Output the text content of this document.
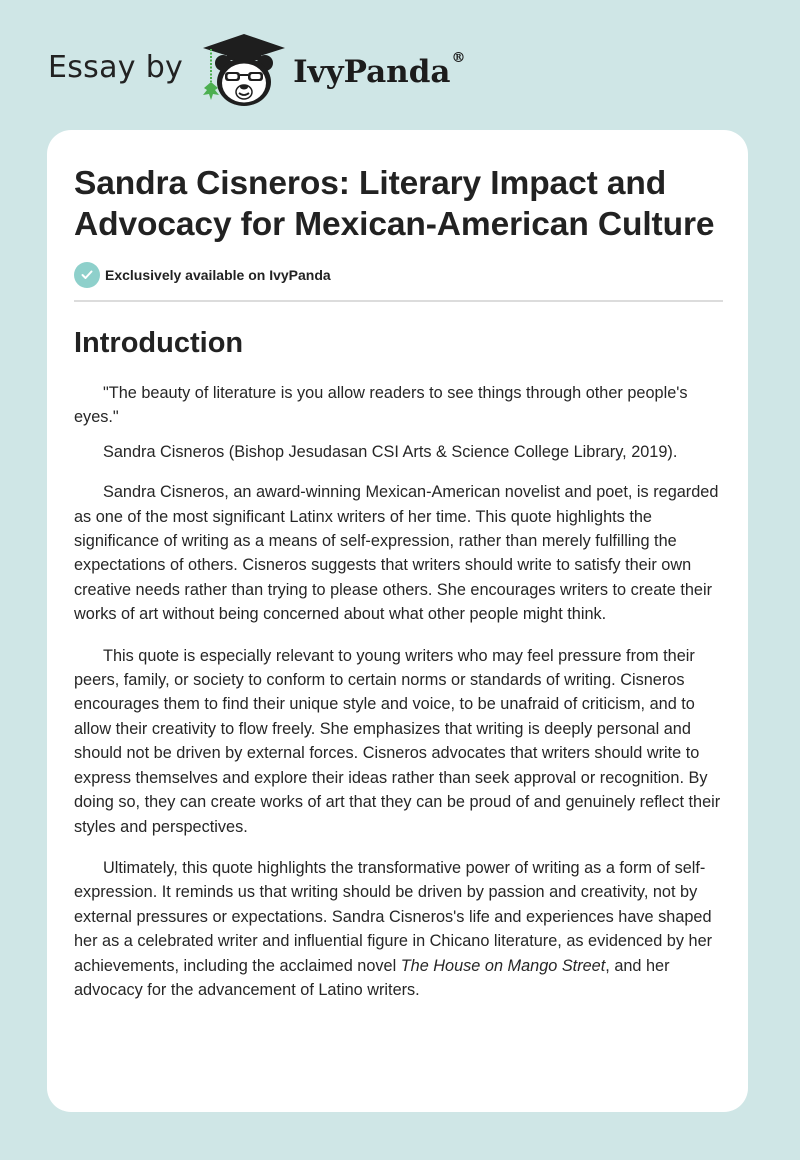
Essay by	IvyPanda®
Sandra Cisneros: Literary Impact and Advocacy for Mexican-American Culture
Exclusively available on IvyPanda
Introduction

"The beauty of literature is you allow readers to see things through other people's eyes."

Sandra Cisneros (Bishop Jesudasan CSI Arts & Science College Library, 2019).

Sandra Cisneros, an award-winning Mexican-American novelist and poet, is regarded as one of the most significant Latinx writers of her time. This quote highlights the significance of writing as a means of self-expression, rather than merely fulfilling the expectations of others. Cisneros suggests that writers should write to satisfy their own creative needs rather than trying to please others. She encourages writers to create their works of art without being concerned about what other people might think.

This quote is especially relevant to young writers who may feel pressure from their peers, family, or society to conform to certain norms or standards of writing. Cisneros encourages them to find their unique style and voice, to be unafraid of criticism, and to allow their creativity to flow freely. She emphasizes that writing is deeply personal and should not be driven by external forces. Cisneros advocates that writers should write to express themselves and explore their ideas rather than seek approval or recognition. By doing so, they can create works of art that they can be proud of and genuinely reflect their styles and perspectives.

Ultimately, this quote highlights the transformative power of writing as a form of self-expression. It reminds us that writing should be driven by passion and creativity, not by external pressures or expectations. Sandra Cisneros's life and experiences have shaped her as a celebrated writer and influential figure in Chicano literature, as evidenced by her achievements, including the acclaimed novel The House on Mango Street, and her advocacy for the advancement of Latino writers.
